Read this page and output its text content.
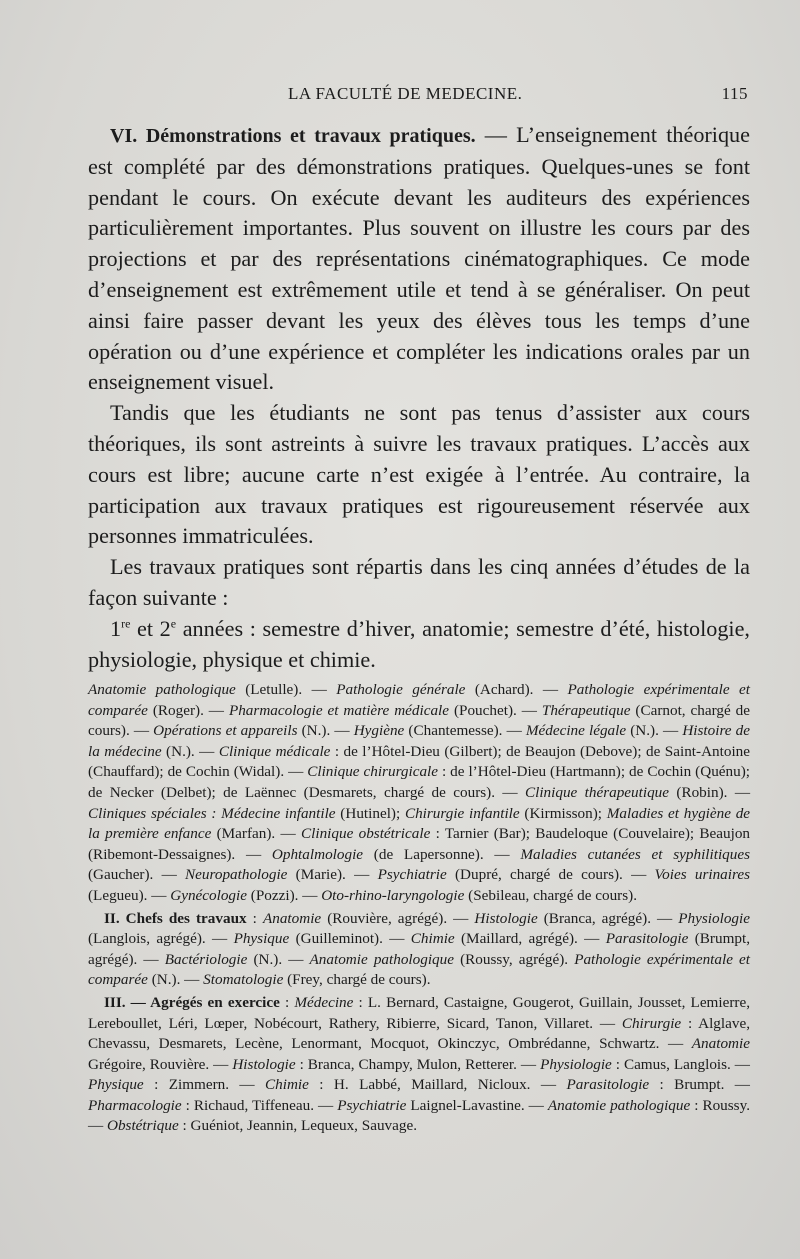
LA FACULTÉ DE MEDECINE.	115

VI. Démonstrations et travaux pratiques. — L’enseignement théorique est complété par des démonstrations pratiques. Quelques-unes se font pendant le cours. On exécute devant les auditeurs des expériences particulièrement importantes. Plus souvent on illustre les cours par des projections et par des représentations cinématographiques. Ce mode d’enseignement est extrêmement utile et tend à se généraliser. On peut ainsi faire passer devant les yeux des élèves tous les temps d’une opération ou d’une expérience et compléter les indications orales par un enseignement visuel.

Tandis que les étudiants ne sont pas tenus d’assister aux cours théoriques, ils sont astreints à suivre les travaux pratiques. L’accès aux cours est libre; aucune carte n’est exigée à l’entrée. Au contraire, la participation aux travaux pratiques est rigoureusement réservée aux personnes immatriculées.

Les travaux pratiques sont répartis dans les cinq années d’études de la façon suivante :

1re et 2e années : semestre d’hiver, anatomie; semestre d’été, histologie, physiologie, physique et chimie.

Anatomie pathologique (Letulle). — Pathologie générale (Achard). — Pathologie expérimentale et comparée (Roger). — Pharmacologie et matière médicale (Pouchet). — Thérapeutique (Carnot, chargé de cours). — Opérations et appareils (N.). — Hygiène (Chantemesse). — Médecine légale (N.). — Histoire de la médecine (N.). — Clinique médicale : de l’Hôtel-Dieu (Gilbert); de Beaujon (Debove); de Saint-Antoine (Chauffard); de Cochin (Widal). — Clinique chirurgicale : de l’Hôtel-Dieu (Hartmann); de Cochin (Quénu); de Necker (Delbet); de Laënnec (Desmarets, chargé de cours). — Clinique thérapeutique (Robin). — Cliniques spéciales : Médecine infantile (Hutinel); Chirurgie infantile (Kirmisson); Maladies et hygiène de la première enfance (Marfan). — Clinique obstétricale : Tarnier (Bar); Baudeloque (Couvelaire); Beaujon (Ribemont-Dessaignes). — Ophtalmologie (de Lapersonne). — Maladies cutanées et syphilitiques (Gaucher). — Neuropathologie (Marie). — Psychiatrie (Dupré, chargé de cours). — Voies urinaires (Legueu). — Gynécologie (Pozzi). — Oto-rhino-laryngologie (Sebileau, chargé de cours).

II. Chefs des travaux : Anatomie (Rouvière, agrégé). — Histologie (Branca, agrégé). — Physiologie (Langlois, agrégé). — Physique (Guilleminot). — Chimie (Maillard, agrégé). — Parasitologie (Brumpt, agrégé). — Bactériologie (N.). — Anatomie pathologique (Roussy, agrégé). Pathologie expérimentale et comparée (N.). — Stomatologie (Frey, chargé de cours).

III. — Agrégés en exercice : Médecine : L. Bernard, Castaigne, Gougerot, Guillain, Jousset, Lemierre, Lereboullet, Léri, Lœper, Nobécourt, Rathery, Ribierre, Sicard, Tanon, Villaret. — Chirurgie : Alglave, Chevassu, Desmarets, Lecène, Lenormant, Mocquot, Okinczyc, Ombrédanne, Schwartz. — Anatomie Grégoire, Rouvière. — Histologie : Branca, Champy, Mulon, Retterer. — Physiologie : Camus, Langlois. — Physique : Zimmern. — Chimie : H. Labbé, Maillard, Nicloux. — Parasitologie : Brumpt. — Pharmacologie : Richaud, Tiffeneau. — Psychiatrie Laignel-Lavastine. — Anatomie pathologique : Roussy. — Obstétrique : Guéniot, Jeannin, Lequeux, Sauvage.
